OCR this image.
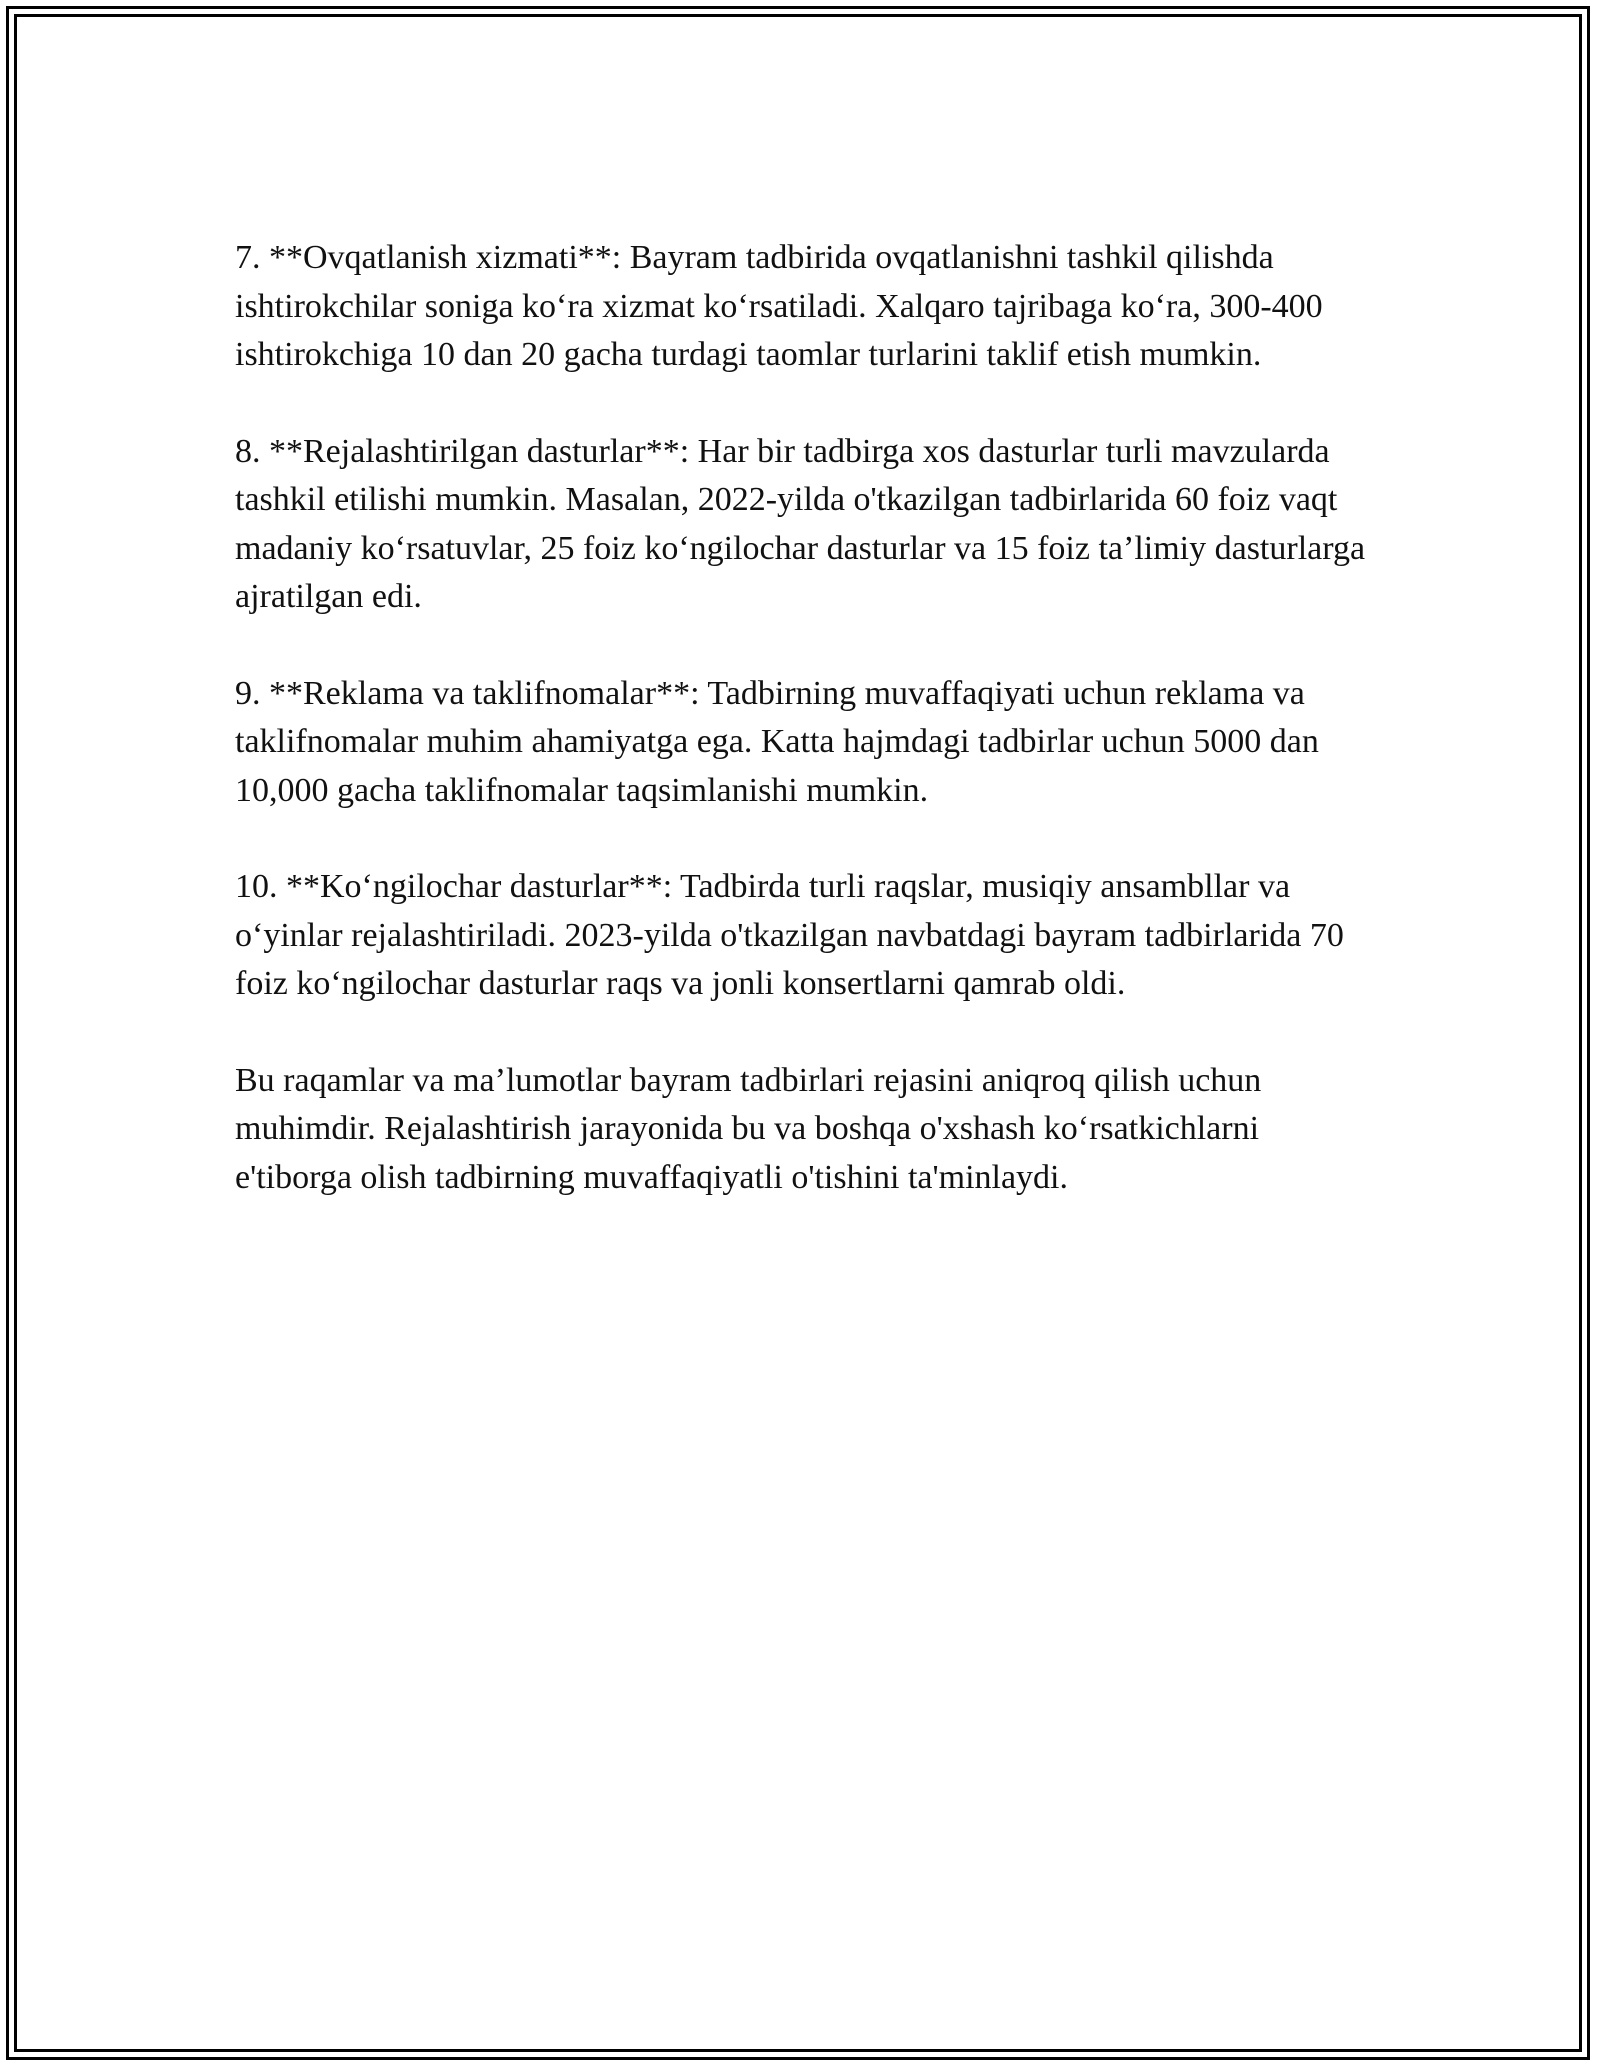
7. **Ovqatlanish xizmati**: Bayram tadbirida ovqatlanishni tashkil qilishda ishtirokchilar soniga koʻra xizmat koʻrsatiladi. Xalqaro tajribaga koʻra, 300-400 ishtirokchiga 10 dan 20 gacha turdagi taomlar turlarini taklif etish mumkin.

8. **Rejalashtirilgan dasturlar**: Har bir tadbirga xos dasturlar turli mavzularda tashkil etilishi mumkin. Masalan, 2022-yilda o'tkazilgan tadbirlarida 60 foiz vaqt madaniy koʻrsatuvlar, 25 foiz koʻngilochar dasturlar va 15 foiz ta’limiy dasturlarga ajratilgan edi.

9. **Reklama va taklifnomalar**: Tadbirning muvaffaqiyati uchun reklama va taklifnomalar muhim ahamiyatga ega. Katta hajmdagi tadbirlar uchun 5000 dan 10,000 gacha taklifnomalar taqsimlanishi mumkin.

10. **Koʻngilochar dasturlar**: Tadbirda turli raqslar, musiqiy ansambllar va oʻyinlar rejalashtiriladi. 2023-yilda o'tkazilgan navbatdagi bayram tadbirlarida 70 foiz koʻngilochar dasturlar raqs va jonli konsertlarni qamrab oldi.

Bu raqamlar va ma’lumotlar bayram tadbirlari rejasini aniqroq qilish uchun muhimdir. Rejalashtirish jarayonida bu va boshqa o'xshash koʻrsatkichlarni e'tiborga olish tadbirning muvaffaqiyatli o'tishini ta'minlaydi.
